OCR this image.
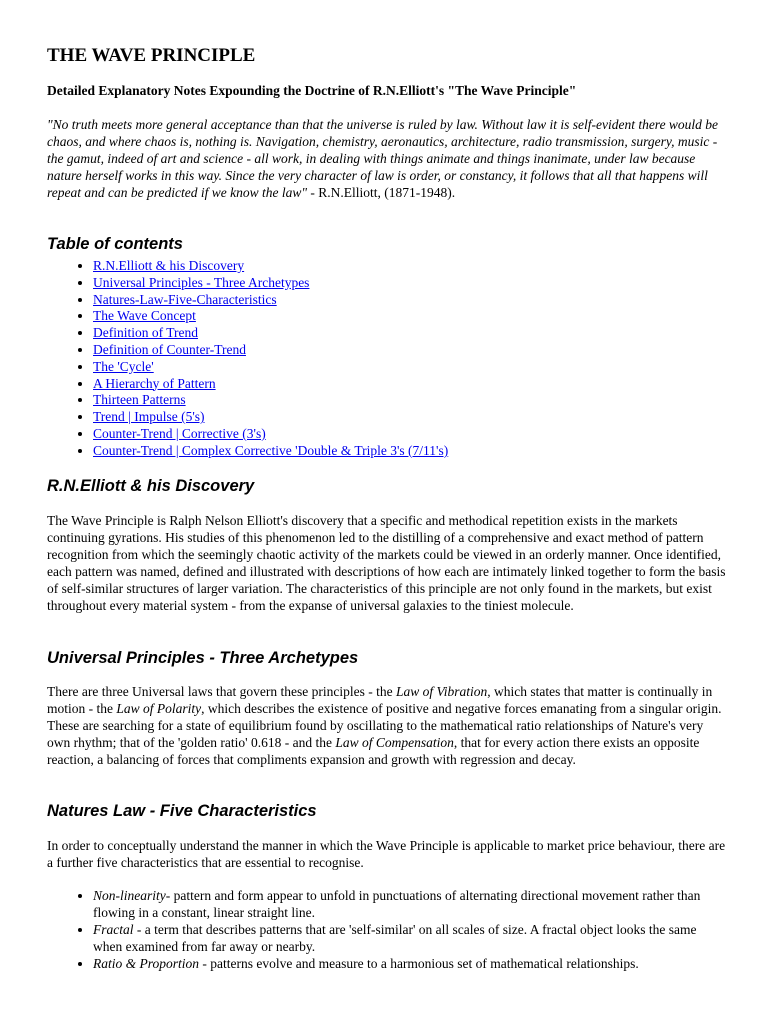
THE WAVE PRINCIPLE

Detailed Explanatory Notes Expounding the Doctrine of R.N.Elliott's "The Wave Principle"

"No truth meets more general acceptance than that the universe is ruled by law. Without law it is self-evident there would be chaos, and where chaos is, nothing is. Navigation, chemistry, aeronautics, architecture, radio transmission, surgery, music - the gamut, indeed of art and science - all work, in dealing with things animate and things inanimate, under law because nature herself works in this way. Since the very character of law is order, or constancy, it follows that all that happens will repeat and can be predicted if we know the law" - R.N.Elliott, (1871-1948).

Table of contents
• R.N.Elliott & his Discovery
• Universal Principles - Three Archetypes
• Natures-Law-Five-Characteristics
• The Wave Concept
• Definition of Trend
• Definition of Counter-Trend
• The 'Cycle'
• A Hierarchy of Pattern
• Thirteen Patterns
• Trend | Impulse (5's)
• Counter-Trend | Corrective (3's)
• Counter-Trend | Complex Corrective 'Double & Triple 3's (7/11's)
R.N.Elliott & his Discovery

The Wave Principle is Ralph Nelson Elliott's discovery that a specific and methodical repetition exists in the markets continuing gyrations. His studies of this phenomenon led to the distilling of a comprehensive and exact method of pattern recognition from which the seemingly chaotic activity of the markets could be viewed in an orderly manner. Once identified, each pattern was named, defined and illustrated with descriptions of how each are intimately linked together to form the basis of self-similar structures of larger variation. The characteristics of this principle are not only found in the markets, but exist throughout every material system - from the expanse of universal galaxies to the tiniest molecule.

Universal Principles - Three Archetypes

There are three Universal laws that govern these principles - the Law of Vibration, which states that matter is continually in motion - the Law of Polarity, which describes the existence of positive and negative forces emanating from a singular origin. These are searching for a state of equilibrium found by oscillating to the mathematical ratio relationships of Nature's very own rhythm; that of the 'golden ratio' 0.618 - and the Law of Compensation, that for every action there exists an opposite reaction, a balancing of forces that compliments expansion and growth with regression and decay.

Natures Law - Five Characteristics

In order to conceptually understand the manner in which the Wave Principle is applicable to market price behaviour, there are a further five characteristics that are essential to recognise.

• Non-linearity- pattern and form appear to unfold in punctuations of alternating directional movement rather than flowing in a constant, linear straight line.
• Fractal - a term that describes patterns that are 'self-similar' on all scales of size. A fractal object looks the same when examined from far away or nearby.
• Ratio & Proportion - patterns evolve and measure to a harmonious set of mathematical relationships.
